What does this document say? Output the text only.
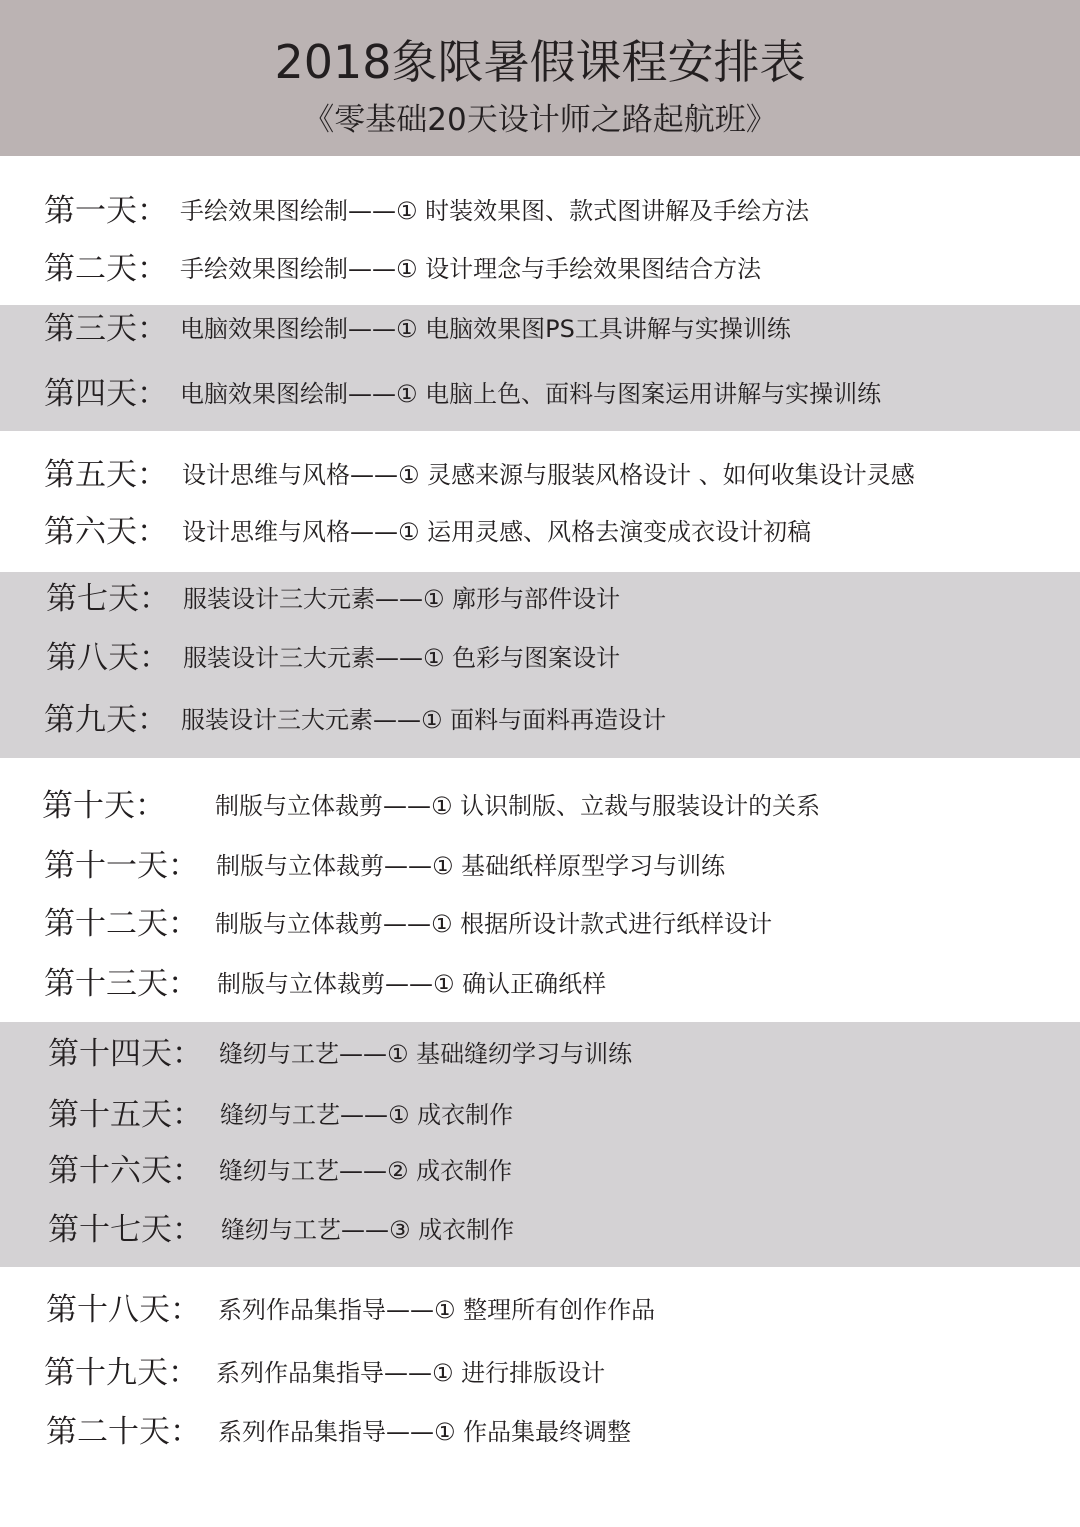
2018象限暑假课程安排表
《零基础20天设计师之路起航班》
第一天： 手绘效果图绘制——① 时装效果图、款式图讲解及手绘方法
第二天： 手绘效果图绘制——① 设计理念与手绘效果图结合方法
第三天： 电脑效果图绘制——① 电脑效果图PS工具讲解与实操训练
第四天： 电脑效果图绘制——① 电脑上色、面料与图案运用讲解与实操训练
第五天： 设计思维与风格——① 灵感来源与服装风格设计 、如何收集设计灵感
第六天： 设计思维与风格——① 运用灵感、风格去演变成衣设计初稿
第七天： 服装设计三大元素——① 廓形与部件设计
第八天： 服装设计三大元素——① 色彩与图案设计
第九天： 服装设计三大元素——① 面料与面料再造设计
第十天：	制版与立体裁剪——① 认识制版、立裁与服装设计的关系
第十一天： 制版与立体裁剪——① 基础纸样原型学习与训练
第十二天： 制版与立体裁剪——① 根据所设计款式进行纸样设计
第十三天： 制版与立体裁剪——① 确认正确纸样
第十四天： 缝纫与工艺——① 基础缝纫学习与训练
第十五天： 缝纫与工艺——① 成衣制作
第十六天： 缝纫与工艺——② 成衣制作
第十七天： 缝纫与工艺——③ 成衣制作
第十八天： 系列作品集指导——① 整理所有创作作品
第十九天： 系列作品集指导——① 进行排版设计
第二十天： 系列作品集指导——① 作品集最终调整
